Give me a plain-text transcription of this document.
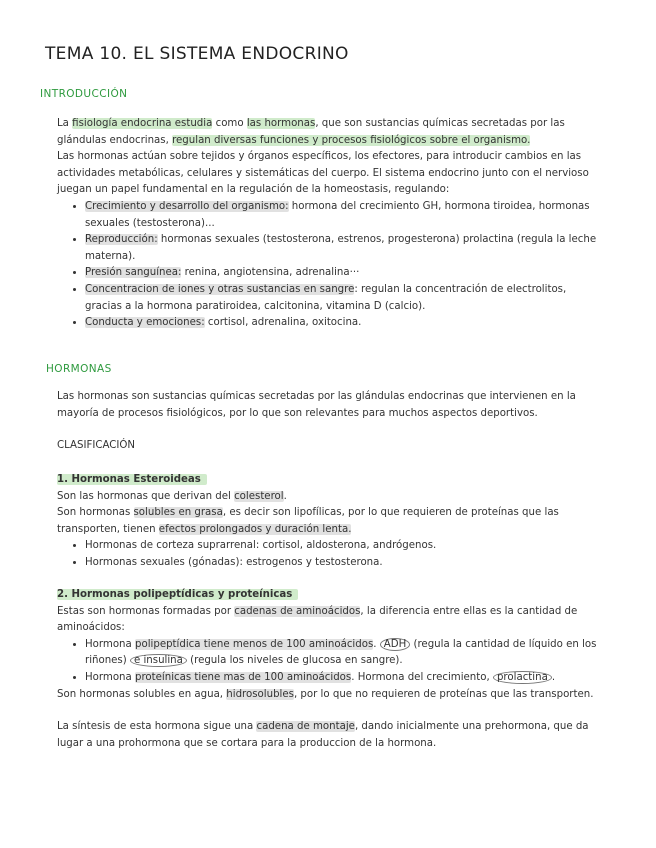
TEMA 10. EL SISTEMA ENDOCRINO
INTRODUCCIÓN

La fisiología endocrina estudia como las hormonas, que son sustancias químicas secretadas por las glándulas endocrinas, regulan diversas funciones y procesos fisiológicos sobre el organismo.

Las hormonas actúan sobre tejidos y órganos específicos, los efectores, para introducir cambios en las actividades metabólicas, celulares y sistemáticas del cuerpo. El sistema endocrino junto con el nervioso juegan un papel fundamental en la regulación de la homeostasis, regulando:

• Crecimiento y desarrollo del organismo: hormona del crecimiento GH, hormona tiroidea, hormonas sexuales (testosterona)...
• Reproducción: hormonas sexuales (testosterona, estrenos, progesterona) prolactina (regula la leche materna).
• Presión sanguínea: renina, angiotensina, adrenalina···
• Concentracion de iones y otras sustancias en sangre: regulan la concentración de electrolitos, gracias a la hormona paratiroidea, calcitonina, vitamina D (calcio).
• Conducta y emociones: cortisol, adrenalina, oxitocina.
HORMONAS

Las hormonas son sustancias químicas secretadas por las glándulas endocrinas que intervienen en la mayoría de procesos fisiológicos, por lo que son relevantes para muchos aspectos deportivos.

CLASIFICACIÓN

1. Hormonas Esteroideas

Son las hormonas que derivan del colesterol.

Son hormonas solubles en grasa, es decir son lipofílicas, por lo que requieren de proteínas que las transporten, tienen efectos prolongados y duración lenta.

• Hormonas de corteza suprarrenal: cortisol, aldosterona, andrógenos.
• Hormonas sexuales (gónadas): estrogenos y testosterona.

2. Hormonas polipeptídicas y proteínicas

Estas son hormonas formadas por cadenas de aminoácidos, la diferencia entre ellas es la cantidad de aminoácidos:

• Hormona polipeptídica tiene menos de 100 aminoácidos. ADH (regula la cantidad de líquido en los riñones) e insulina (regula los niveles de glucosa en sangre).
• Hormona proteínicas tiene mas de 100 aminoácidos. Hormona del crecimiento, prolactina .

Son hormonas solubles en agua, hidrosolubles, por lo que no requieren de proteínas que las transporten.

La síntesis de esta hormona sigue una cadena de montaje, dando inicialmente una prehormona, que da lugar a una prohormona que se cortara para la produccion de la hormona.
